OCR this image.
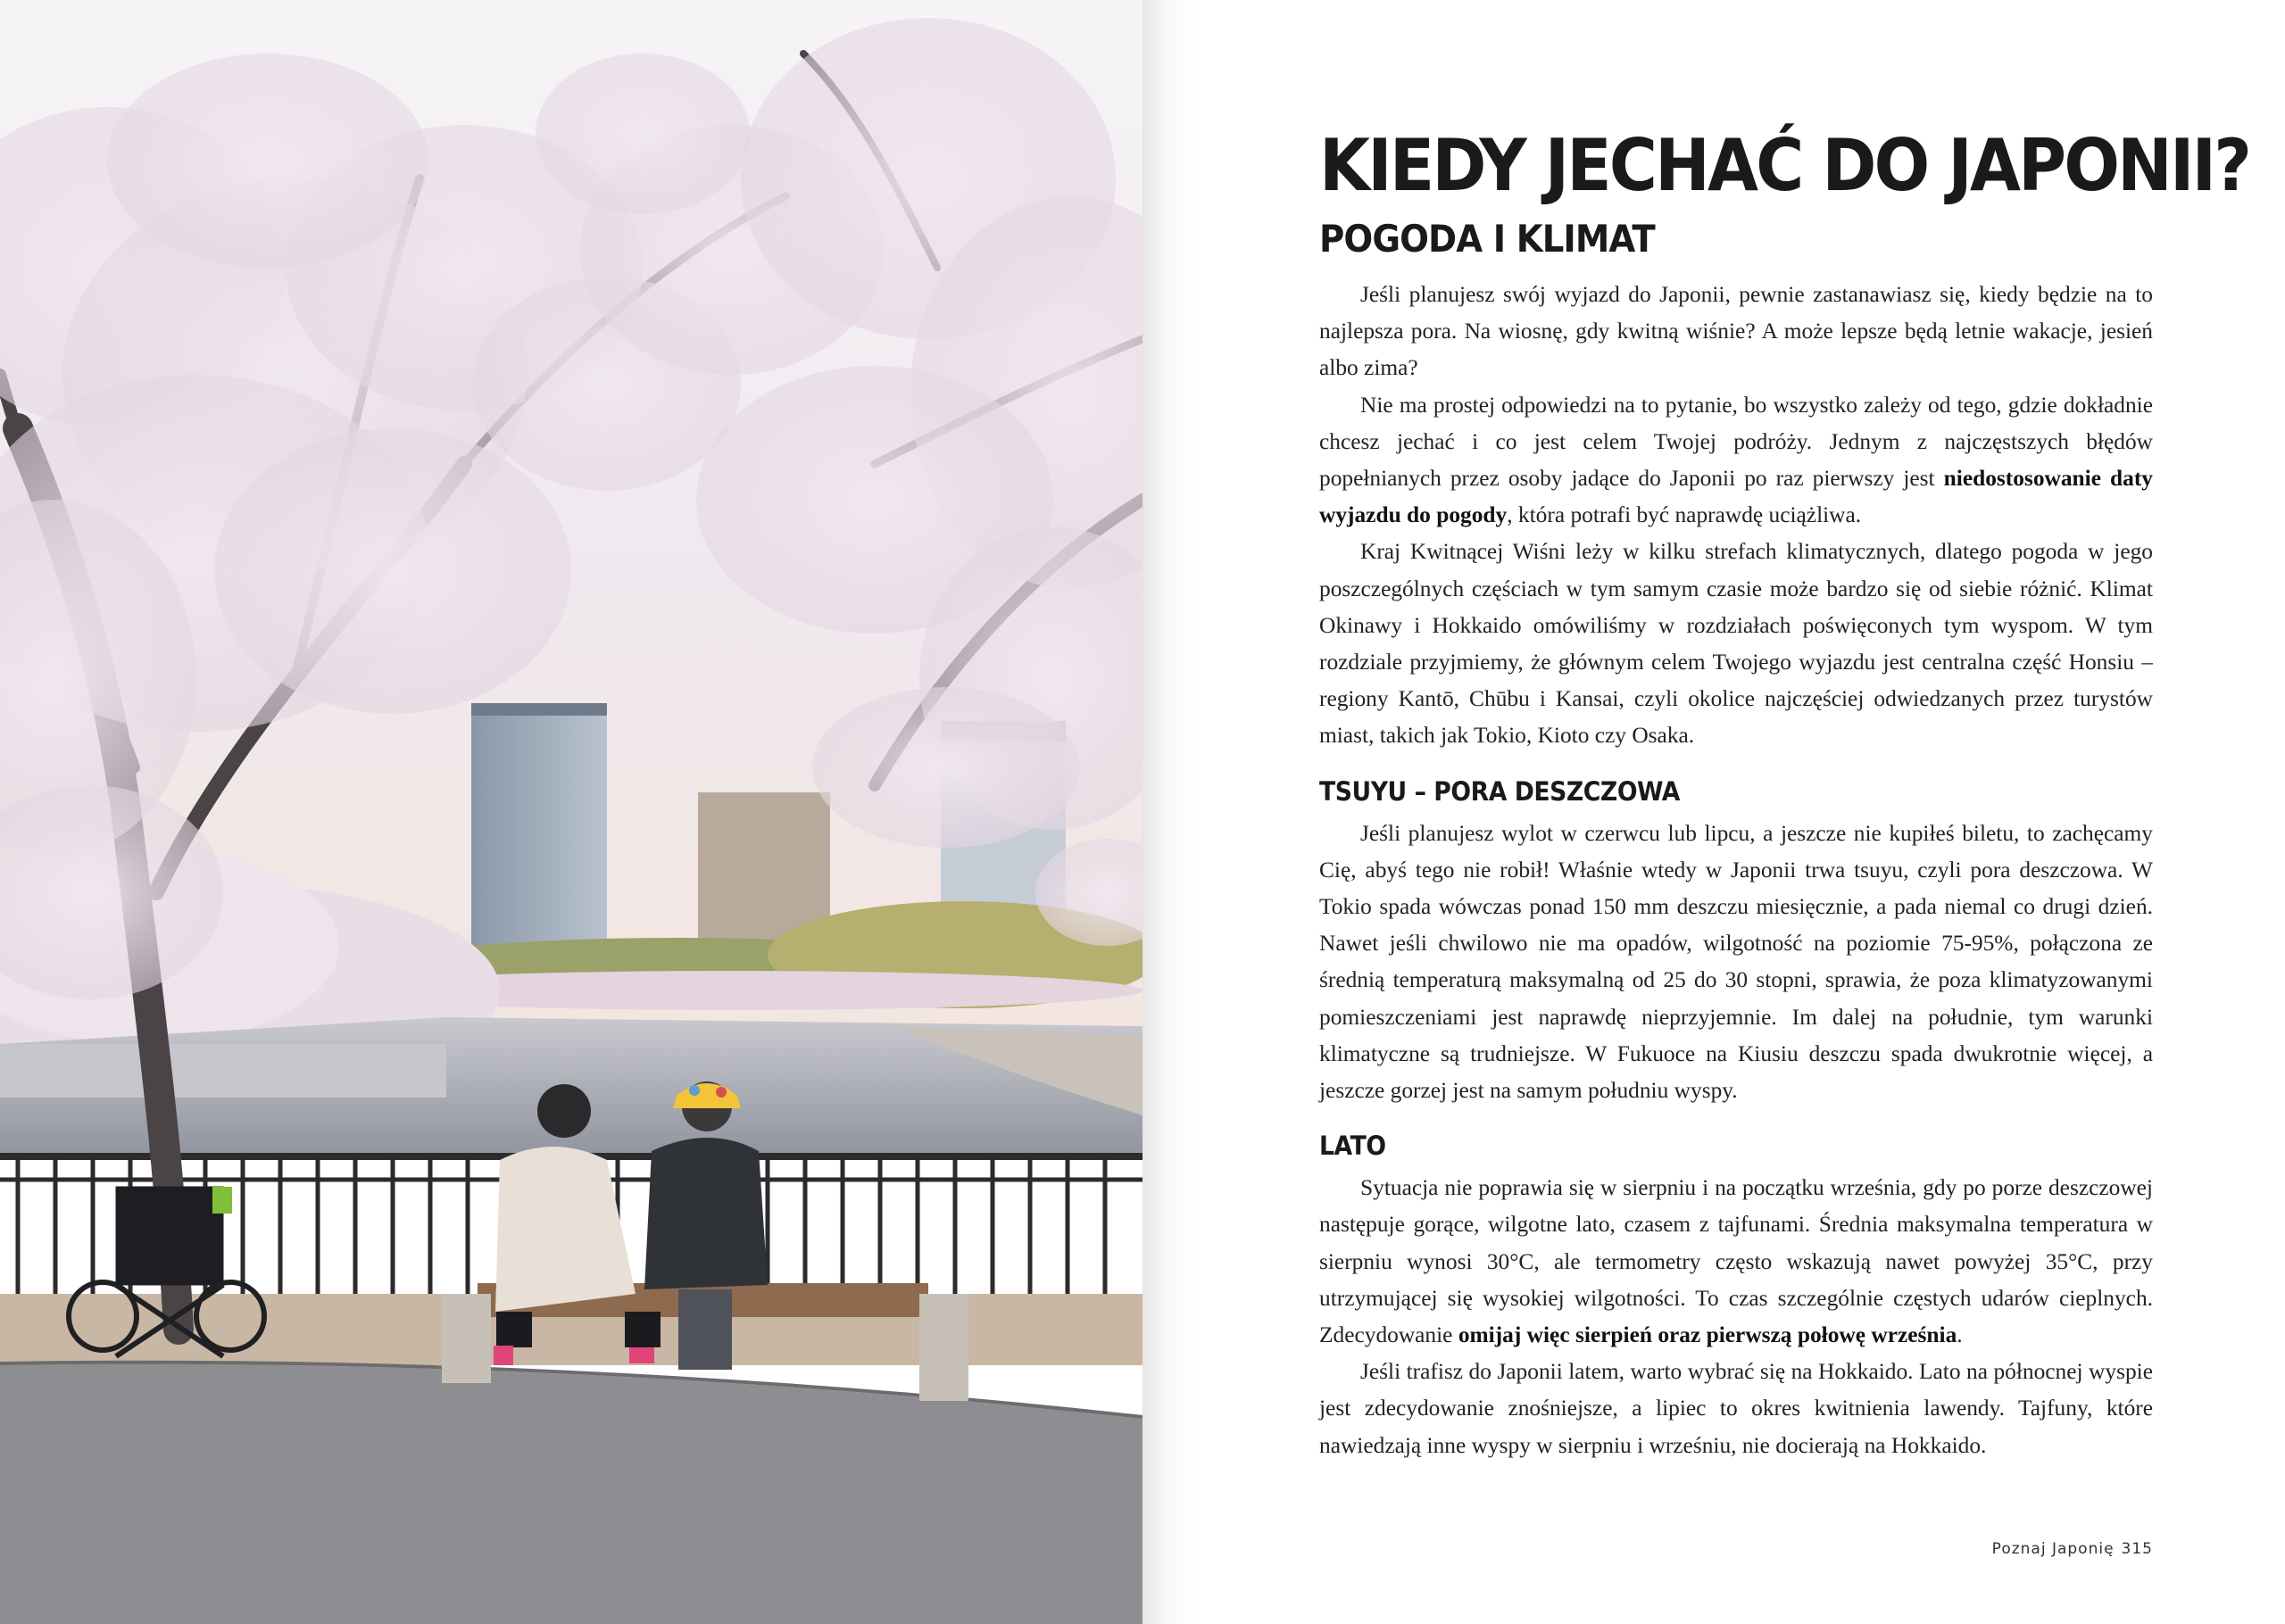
KIEDY JECHAĆ DO JAPONII?
POGODA I KLIMAT

Jeśli planujesz swój wyjazd do Japonii, pewnie zastanawiasz się, kiedy będzie na to najlepsza pora. Na wiosnę, gdy kwitną wiśnie? A może lepsze będą letnie wakacje, jesień albo zima?

Nie ma prostej odpowiedzi na to pytanie, bo wszystko zależy od tego, gdzie dokładnie chcesz jechać i co jest celem Twojej podróży. Jednym z najczęstszych błędów popełnianych przez osoby jadące do Japonii po raz pierwszy jest niedostosowanie daty wyjazdu do pogody, która potrafi być naprawdę uciążliwa.

Kraj Kwitnącej Wiśni leży w kilku strefach klimatycznych, dlatego pogoda w jego poszczególnych częściach w tym samym czasie może bardzo się od siebie różnić. Klimat Okinawy i Hokkaido omówiliśmy w rozdziałach poświęconych tym wyspom. W tym rozdziale przyjmiemy, że głównym celem Twojego wyjazdu jest centralna część Honsiu – regiony Kantō, Chūbu i Kansai, czyli okolice najczęściej odwiedzanych przez turystów miast, takich jak Tokio, Kioto czy Osaka.

TSUYU – PORA DESZCZOWA

Jeśli planujesz wylot w czerwcu lub lipcu, a jeszcze nie kupiłeś biletu, to zachęcamy Cię, abyś tego nie robił! Właśnie wtedy w Japonii trwa tsuyu, czyli pora deszczowa. W Tokio spada wówczas ponad 150 mm deszczu miesięcznie, a pada niemal co drugi dzień. Nawet jeśli chwilowo nie ma opadów, wilgotność na poziomie 75-95%, połączona ze średnią temperaturą maksymalną od 25 do 30 stopni, sprawia, że poza klimatyzowanymi pomieszczeniami jest naprawdę nieprzyjemnie. Im dalej na południe, tym warunki klimatyczne są trudniejsze. W Fukuoce na Kiusiu deszczu spada dwukrotnie więcej, a jeszcze gorzej jest na samym południu wyspy.

LATO

Sytuacja nie poprawia się w sierpniu i na początku września, gdy po porze deszczowej następuje gorące, wilgotne lato, czasem z tajfunami. Średnia maksymalna temperatura w sierpniu wynosi 30°C, ale termometry często wskazują nawet powyżej 35°C, przy utrzymującej się wysokiej wilgotności. To czas szczególnie częstych udarów cieplnych. Zdecydowanie omijaj więc sierpień oraz pierwszą połowę września.

Jeśli trafisz do Japonii latem, warto wybrać się na Hokkaido. Lato na północnej wyspie jest zdecydowanie znośniejsze, a lipiec to okres kwitnienia lawendy. Tajfuny, które nawiedzają inne wyspy w sierpniu i wrześniu, nie docierają na Hokkaido.

Poznaj Japonię 315
